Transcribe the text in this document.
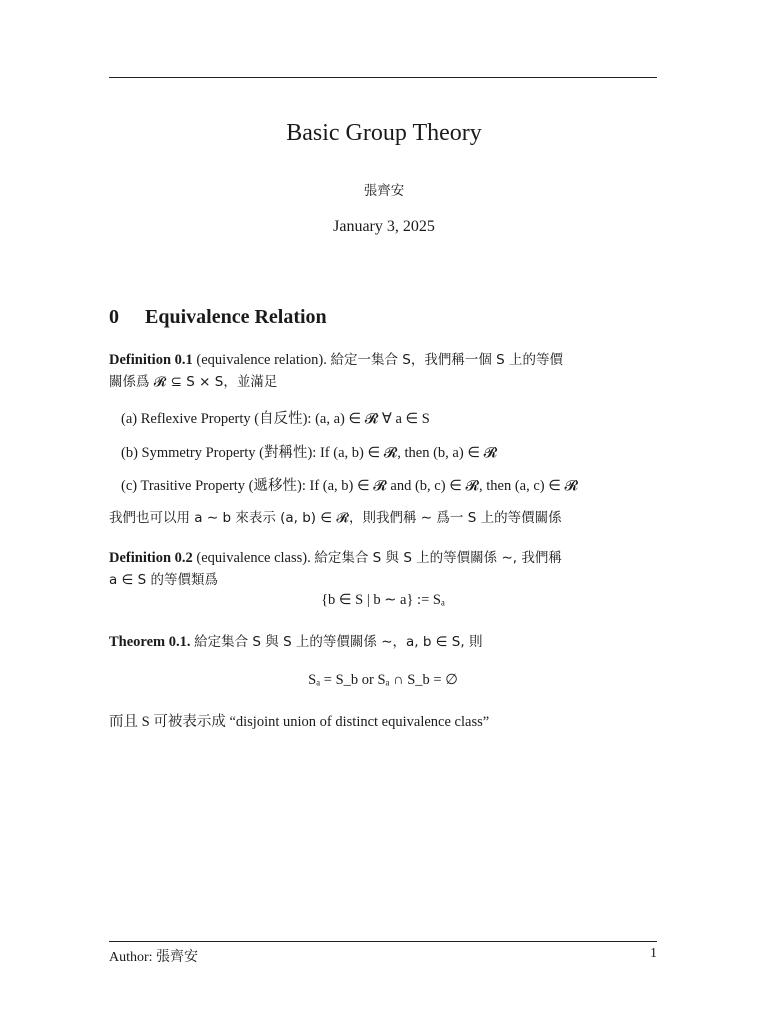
Basic Group Theory
張齊安
January 3, 2025
0 Equivalence Relation
Definition 0.1 (equivalence relation). 給定一集合 S，我們稱一個 S 上的等價
關係爲 𝓡 ⊆ S × S，並滿足
(a) Reflexive Property (自反性): (a, a) ∈ 𝓡 ∀ a ∈ S
(b) Symmetry Property (對稱性): If (a, b) ∈ 𝓡, then (b, a) ∈ 𝓡
(c) Trasitive Property (遞移性): If (a, b) ∈ 𝓡 and (b, c) ∈ 𝓡, then (a, c) ∈ 𝓡
我們也可以用 a ∼ b 來表示 (a, b) ∈ 𝓡，則我們稱 ∼ 爲一 S 上的等價關係
Definition 0.2 (equivalence class). 給定集合 S 與 S 上的等價關係 ∼, 我們稱
a ∈ S 的等價類爲
{b ∈ S | b ∼ a} := Sₐ
Theorem 0.1. 給定集合 S 與 S 上的等價關係 ∼，a, b ∈ S, 則
Sₐ = S_b or Sₐ ∩ S_b = ∅
而且 S 可被表示成 “disjoint union of distinct equivalence class”
Author: 張齊安	1
